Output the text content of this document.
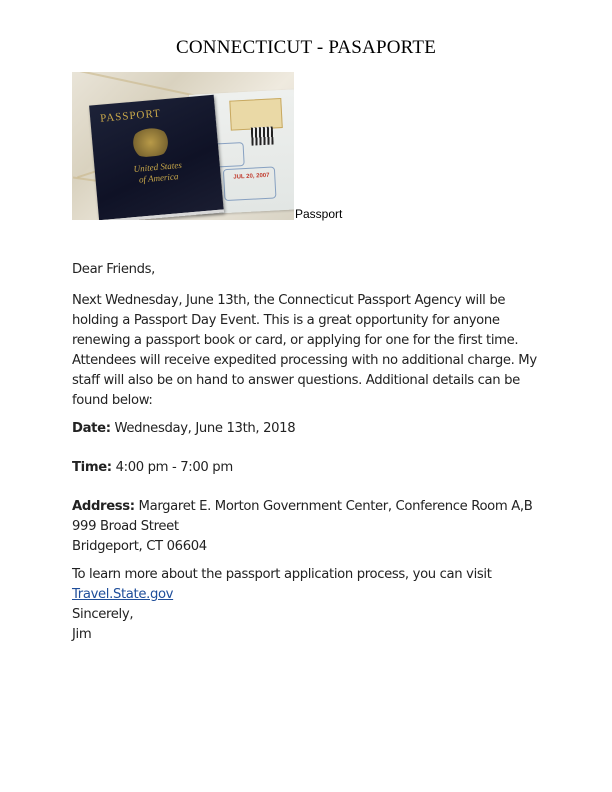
CONNECTICUT - PASAPORTE
JUL 20, 2007
PASSPORT
United States
of America
Passport

Dear Friends,

Next Wednesday, June 13th, the Connecticut Passport Agency will be holding a Passport Day Event. This is a great opportunity for anyone renewing a passport book or card, or applying for one for the first time. Attendees will receive expedited processing with no additional charge. My staff will also be on hand to answer questions. Additional details can be found below:

Date: Wednesday, June 13th, 2018

Time: 4:00 pm - 7:00 pm

Address: Margaret E. Morton Government Center, Conference Room A,B
999 Broad Street
Bridgeport, CT 06604

To learn more about the passport application process, you can visit Travel.State.gov
Sincerely,
Jim
